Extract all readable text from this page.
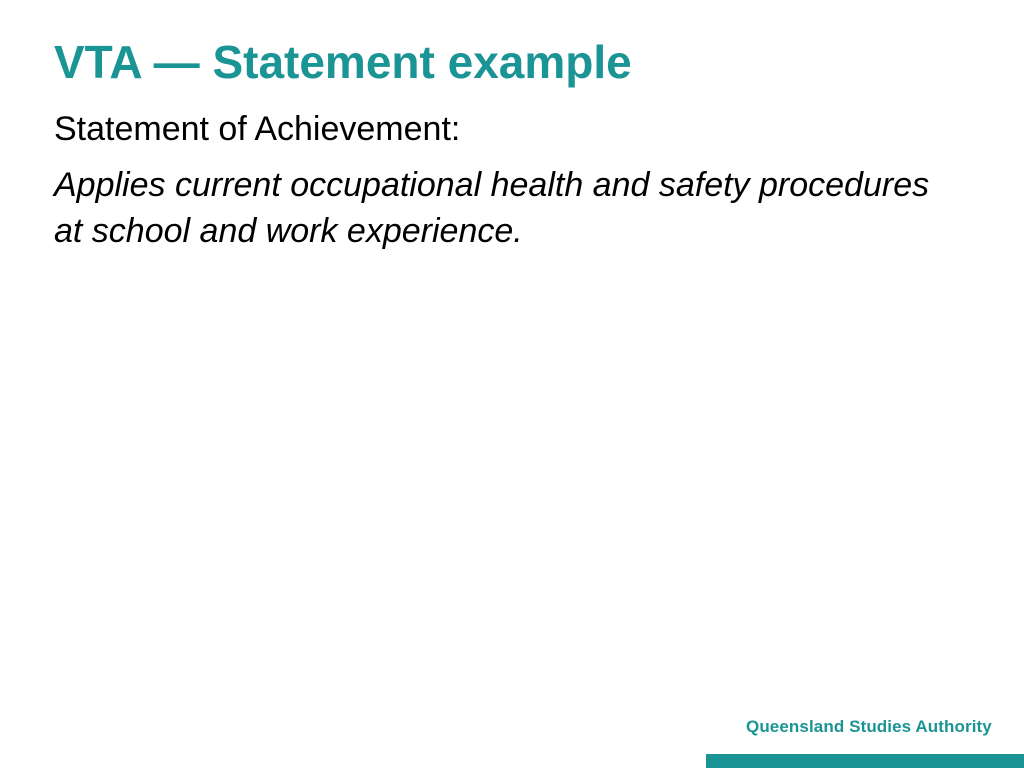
VTA — Statement example

Statement of Achievement:

Applies current occupational health and safety procedures at school and work experience.

Queensland Studies Authority
